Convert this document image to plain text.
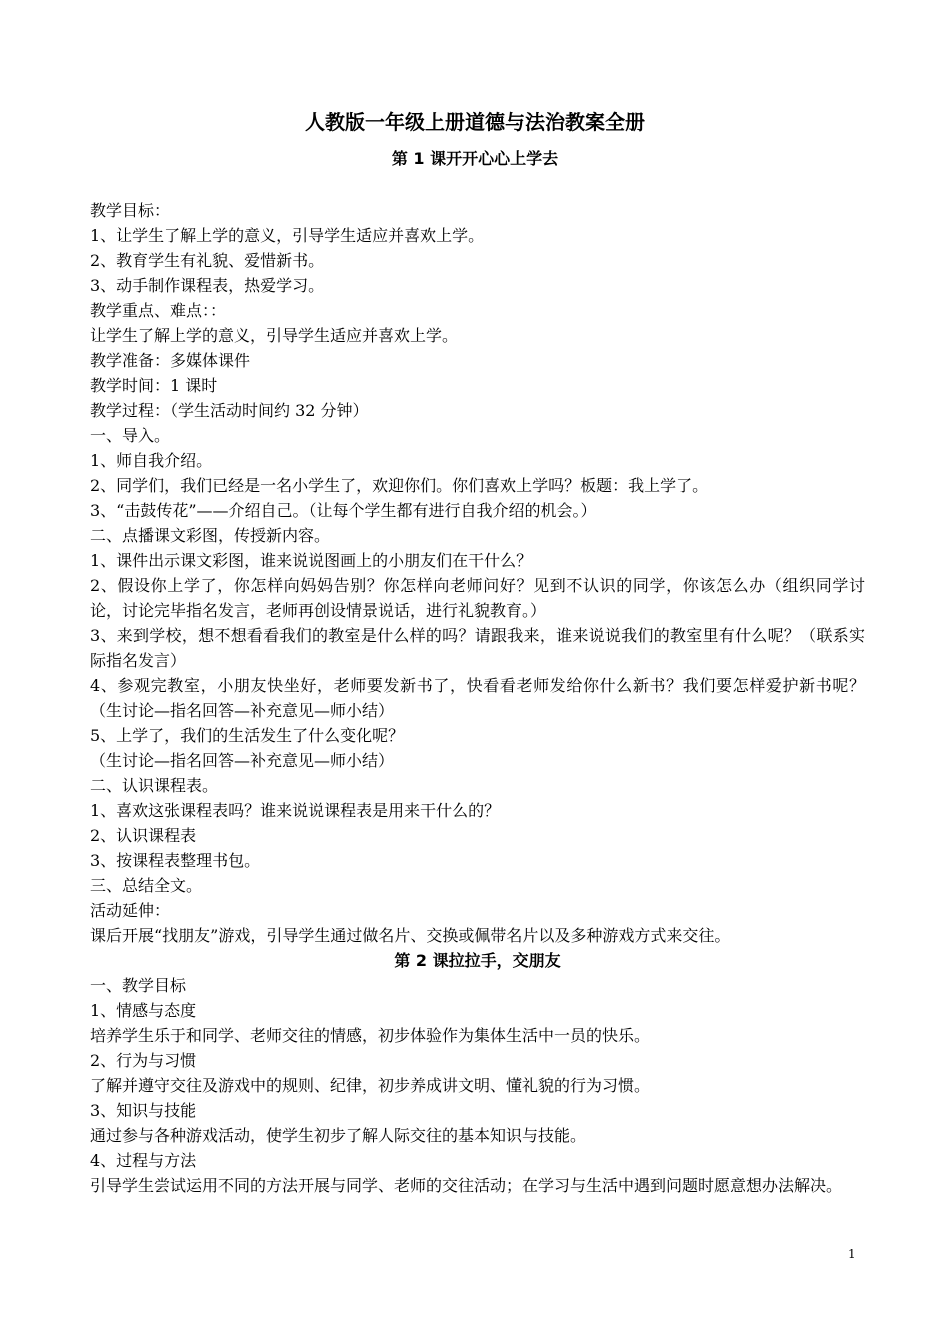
人教版一年级上册道德与法治教案全册
第 1 课开开心心上学去

教学目标：

1、让学生了解上学的意义，引导学生适应并喜欢上学。

2、教育学生有礼貌、爱惜新书。

3、动手制作课程表，热爱学习。

教学重点、难点：：

让学生了解上学的意义，引导学生适应并喜欢上学。

教学准备：多媒体课件

教学时间：1 课时

教学过程：（学生活动时间约 32 分钟）

一、导入。

1、师自我介绍。

2、同学们，我们已经是一名小学生了，欢迎你们。你们喜欢上学吗？板题：我上学了。

3、“击鼓传花”——介绍自己。（让每个学生都有进行自我介绍的机会。）

二、点播课文彩图，传授新内容。

1、课件出示课文彩图，谁来说说图画上的小朋友们在干什么？

2、假设你上学了，你怎样向妈妈告别？你怎样向老师问好？见到不认识的同学，你该怎么办（组织同学讨论，讨论完毕指名发言，老师再创设情景说话，进行礼貌教育。）

3、来到学校，想不想看看我们的教室是什么样的吗？请跟我来，谁来说说我们的教室里有什么呢？（联系实际指名发言）

4、参观完教室，小朋友快坐好，老师要发新书了，快看看老师发给你什么新书？我们要怎样爱护新书呢？（生讨论—指名回答—补充意见—师小结）

5、上学了，我们的生活发生了什么变化呢？

（生讨论—指名回答—补充意见—师小结）

二、认识课程表。

1、喜欢这张课程表吗？谁来说说课程表是用来干什么的？

2、认识课程表

3、按课程表整理书包。

三、总结全文。

活动延伸：

课后开展“找朋友”游戏，引导学生通过做名片、交换或佩带名片以及多种游戏方式来交往。

第 2 课拉拉手，交朋友

一、教学目标

1、情感与态度

培养学生乐于和同学、老师交往的情感，初步体验作为集体生活中一员的快乐。

2、行为与习惯

了解并遵守交往及游戏中的规则、纪律，初步养成讲文明、懂礼貌的行为习惯。

3、知识与技能

通过参与各种游戏活动，使学生初步了解人际交往的基本知识与技能。

4、过程与方法

引导学生尝试运用不同的方法开展与同学、老师的交往活动；在学习与生活中遇到问题时愿意想办法解决。

1
